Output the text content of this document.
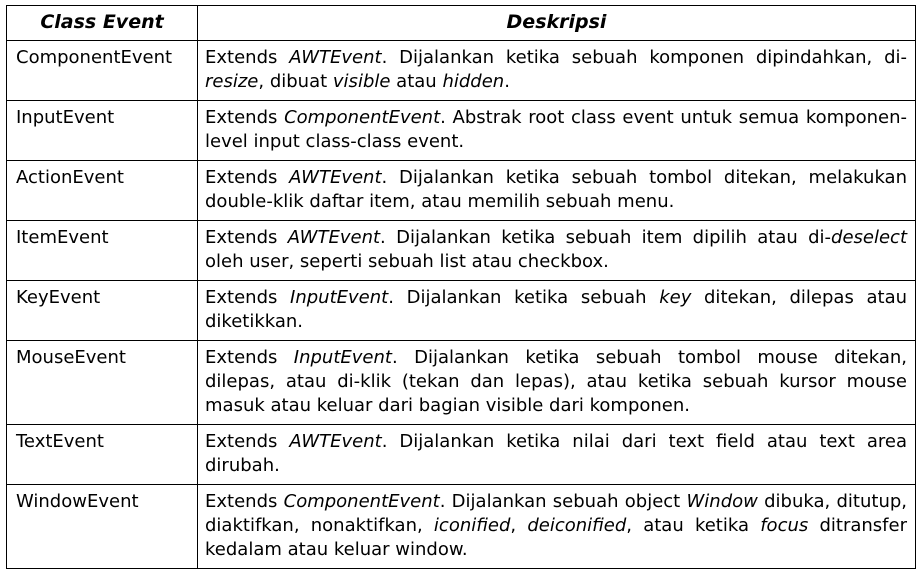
Class Event	Deskripsi
ComponentEvent	Extends AWTEvent. Dijalankan ketika sebuah komponen dipindahkan, di-resize, dibuat visible atau hidden.
InputEvent	Extends ComponentEvent. Abstrak root class event untuk semua komponen-level input class-class event.
ActionEvent	Extends AWTEvent. Dijalankan ketika sebuah tombol ditekan, melakukan double-klik daftar item, atau memilih sebuah menu.
ItemEvent	Extends AWTEvent. Dijalankan ketika sebuah item dipilih atau di-deselect oleh user, seperti sebuah list atau checkbox.
KeyEvent	Extends InputEvent. Dijalankan ketika sebuah key ditekan, dilepas atau diketikkan.
MouseEvent	Extends InputEvent. Dijalankan ketika sebuah tombol mouse ditekan, dilepas, atau di-klik (tekan dan lepas), atau ketika sebuah kursor mouse masuk atau keluar dari bagian visible dari komponen.
TextEvent	Extends AWTEvent. Dijalankan ketika nilai dari text field atau text area dirubah.
WindowEvent	Extends ComponentEvent. Dijalankan sebuah object Window dibuka, ditutup, diaktifkan, nonaktifkan, iconified, deiconified, atau ketika focus ditransfer kedalam atau keluar window.
